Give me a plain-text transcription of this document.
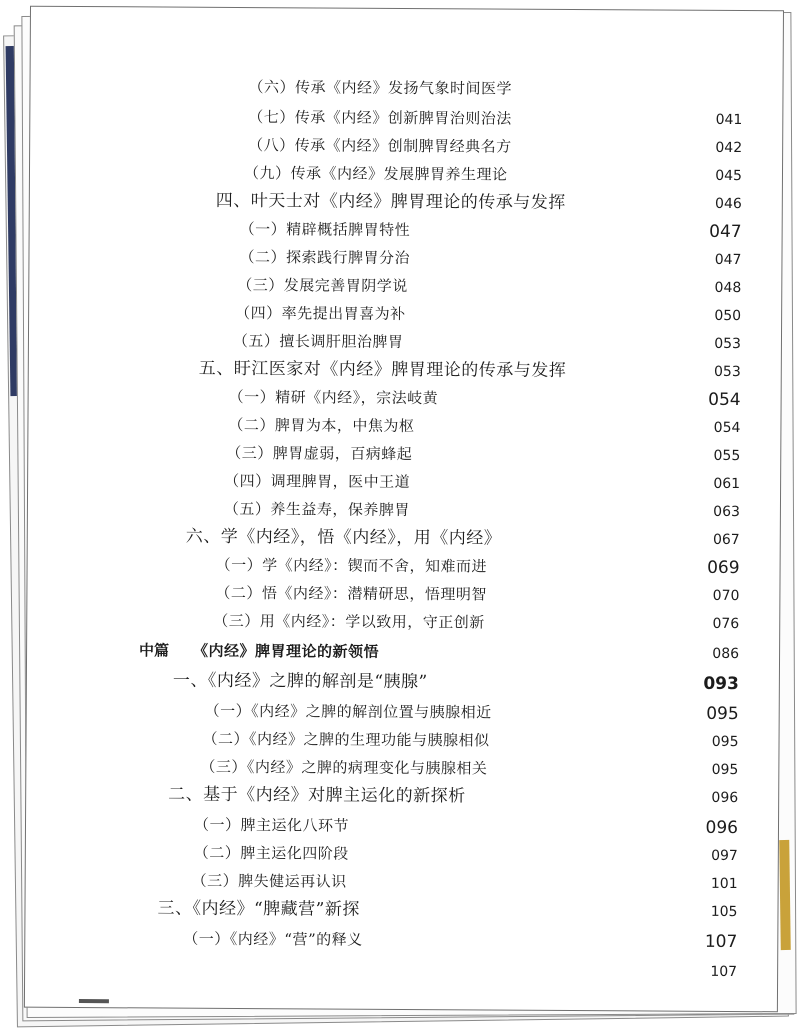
（六）传承《内经》发扬气象时间医学
（七）传承《内经》创新脾胃治则治法	041
（八）传承《内经》创制脾胃经典名方	042
（九）传承《内经》发展脾胃养生理论	045
四、叶天士对《内经》脾胃理论的传承与发挥	046
（一）精辟概括脾胃特性	047
（二）探索践行脾胃分治	047
（三）发展完善胃阴学说	048
（四）率先提出胃喜为补	050
（五）擅长调肝胆治脾胃	053
五、盱江医家对《内经》脾胃理论的传承与发挥	053
（一）精研《内经》，宗法岐黄	054
（二）脾胃为本，中焦为枢	054
（三）脾胃虚弱，百病蜂起	055
（四）调理脾胃，医中王道	061
（五）养生益寿，保养脾胃	063
六、学《内经》，悟《内经》，用《内经》	067
（一）学《内经》：锲而不舍，知难而进	069
（二）悟《内经》：潜精研思，悟理明智	070
（三）用《内经》：学以致用，守正创新	076
中篇 《内经》脾胃理论的新领悟	086
一、《内经》之脾的解剖是“胰腺”	093
（一）《内经》之脾的解剖位置与胰腺相近	095
（二）《内经》之脾的生理功能与胰腺相似	095
（三）《内经》之脾的病理变化与胰腺相关	095
二、基于《内经》对脾主运化的新探析	096
（一）脾主运化八环节	096
（二）脾主运化四阶段	097
（三）脾失健运再认识	101
三、《内经》“脾藏营”新探	105
（一）《内经》“营”的释义	107
107
